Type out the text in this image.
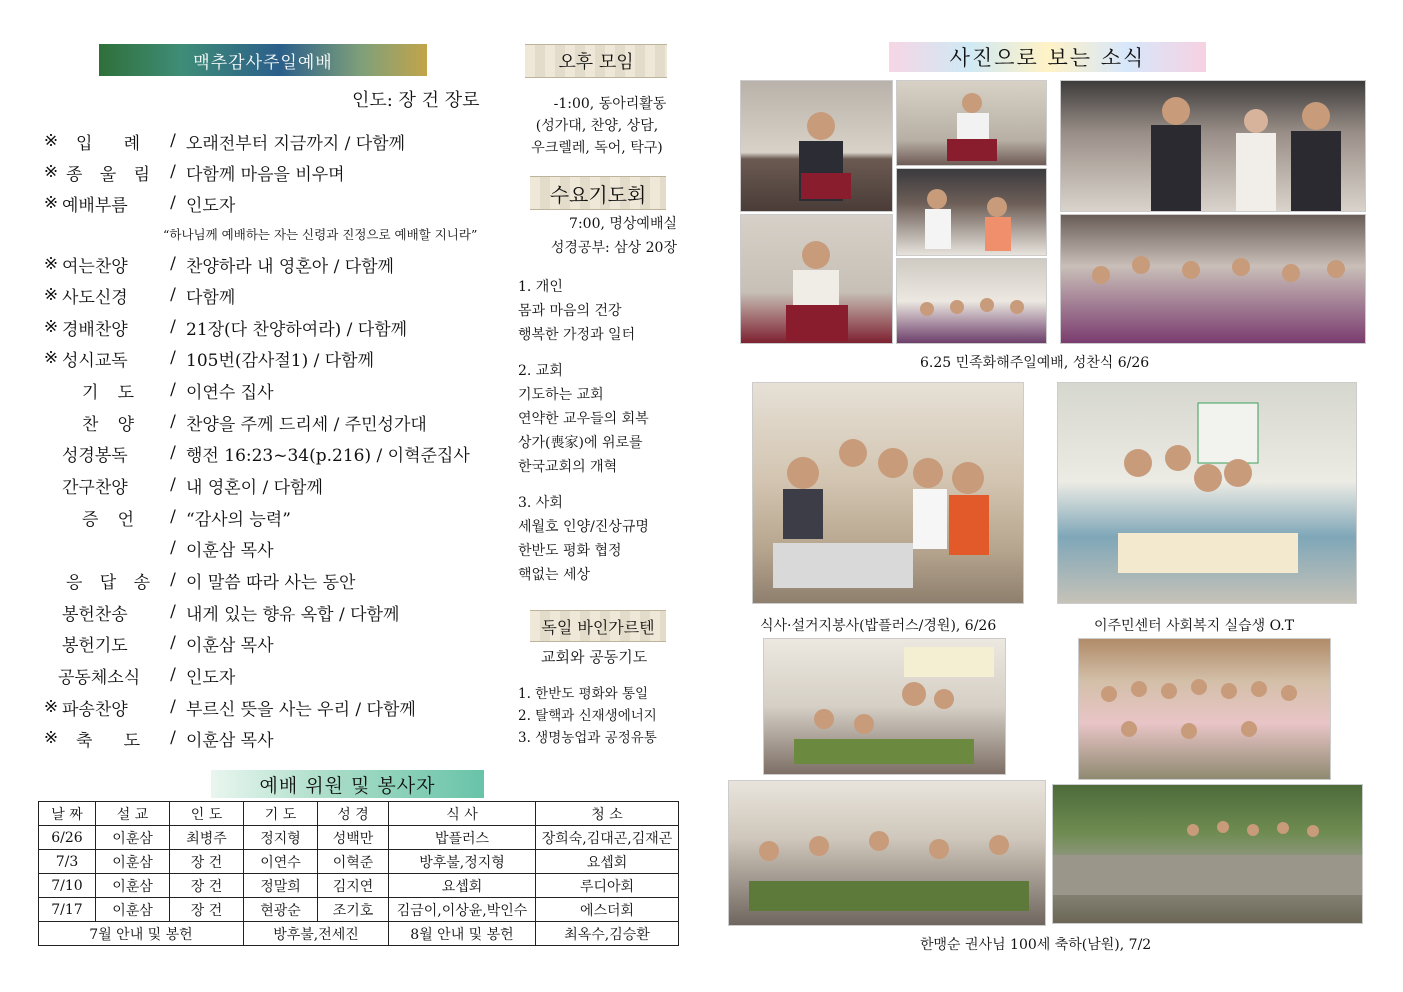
맥추감사주일예배
인도: 장 건 장로
※	입 례	/ 오래전부터 지금까지 / 다함께
※ 종 울 림	/ 다함께 마음을 비우며
※ 예배부름	/ 인도자
“하나님께 예배하는 자는 신령과 진정으로 예배할 지니라”
※ 여는찬양	/ 찬양하라 내 영혼아 / 다함께
※ 사도신경	/ 다함께
※ 경배찬양	/ 21장(다 찬양하여라) / 다함께
※ 성시교독	/ 105번(감사절1) / 다함께
기 도	/ 이연수 집사
찬 양	/ 찬양을 주께 드리세 / 주민성가대
성경봉독	/ 행전 16:23~34(p.216) / 이혁준집사
간구찬양	/ 내 영혼이 / 다함께
증 언	/ “감사의 능력”
/ 이훈삼 목사
응 답 송	/ 이 말씀 따라 사는 동안
봉헌찬송	/ 내게 있는 향유 옥합 / 다함께
봉헌기도	/ 이훈삼 목사
공동체소식	/ 인도자
※ 파송찬양	/ 부르신 뜻을 사는 우리 / 다함께
※	축 도	/ 이훈삼 목사
예배 위원 및 봉사자
날 짜	설 교	인 도	기 도	성 경	식 사	청 소
6/26	이훈삼	최병주	정지형	성백만	밥플러스	장희숙,김대곤,김재곤
7/3	이훈삼	장 건	이연수	이혁준	방후불,정지형	요셉회
7/10	이훈삼	장 건	정말희	김지연	요셉회	루디아회
7/17	이훈삼	장 건	현광순	조기호	김금이,이상윤,박인수	에스더회
7월 안내 및 봉헌			방후불,전세진		8월 안내 및 봉헌	최옥수,김승환
오후 모임
-1:00, 동아리활동
(성가대, 찬양, 상담,
우크렐레, 독어, 탁구)
수요기도회
7:00, 명상예배실
성경공부: 삼상 20장
1. 개인
몸과 마음의 건강
행복한 가정과 일터
2. 교회
기도하는 교회
연약한 교우들의 회복
상가(喪家)에 위로를
한국교회의 개혁
3. 사회
세월호 인양/진상규명
한반도 평화 협정
핵없는 세상
독일 바인가르텐
교회와 공동기도
1. 한반도 평화와 통일
2. 탈핵과 신재생에너지
3. 생명농업과 공정유통
사진으로 보는 소식
6.25 민족화해주일예배, 성찬식 6/26
식사·설거지봉사(밥플러스/경원), 6/26	이주민센터 사회복지 실습생 O.T
한맹순 권사님 100세 축하(남원), 7/2
